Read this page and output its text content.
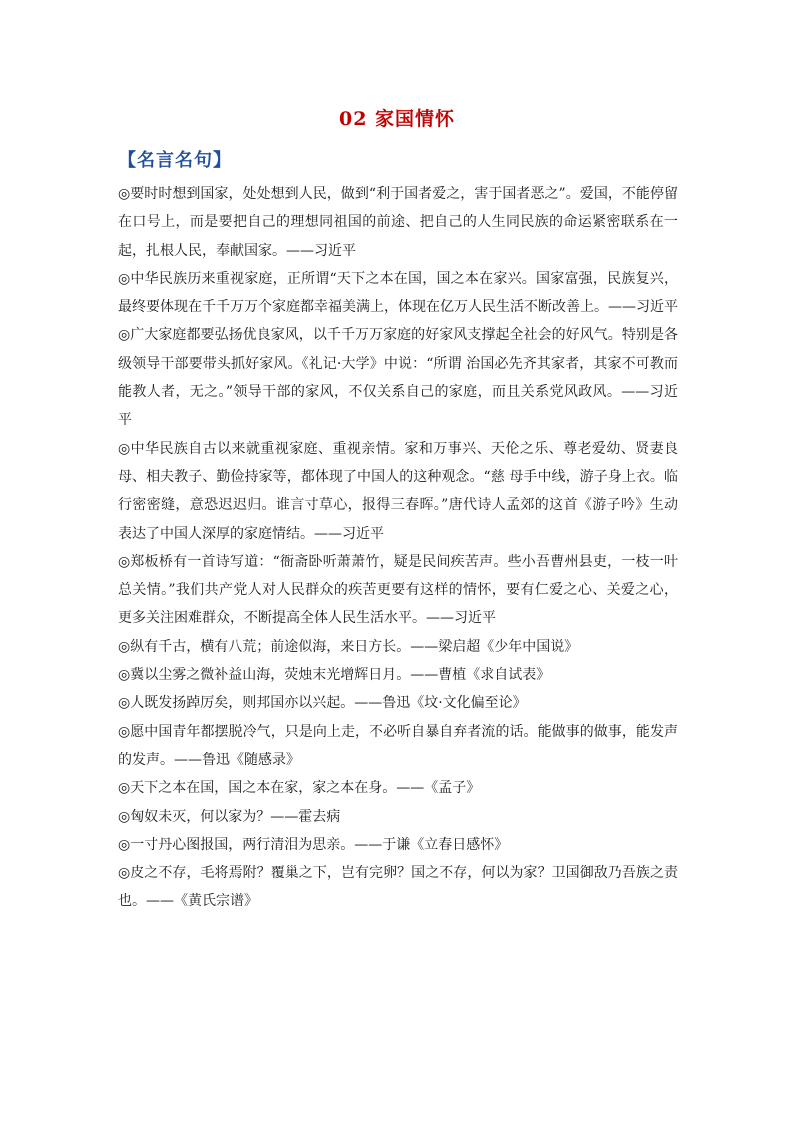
02 家国情怀
【名言名句】

◎要时时想到国家，处处想到人民，做到“利于国者爱之，害于国者恶之”。爱国，不能停留在口号上，而是要把自己的理想同祖国的前途、把自己的人生同民族的命运紧密联系在一起，扎根人民，奉献国家。——习近平

◎中华民族历来重视家庭，正所谓“天下之本在国，国之本在家兴。国家富强，民族复兴，最终要体现在千千万万个家庭都幸福美满上，体现在亿万人民生活不断改善上。——习近平

◎广大家庭都要弘扬优良家风，以千千万万家庭的好家风支撑起全社会的好风气。特别是各级领导干部要带头抓好家风。《礼记·大学》中说：“所谓 治国必先齐其家者，其家不可教而能教人者，无之。”领导干部的家风，不仅关系自己的家庭，而且关系党风政风。——习近平

◎中华民族自古以来就重视家庭、重视亲情。家和万事兴、天伦之乐、尊老爱幼、贤妻良母、相夫教子、勤俭持家等，都体现了中国人的这种观念。“慈 母手中线，游子身上衣。临行密密缝，意恐迟迟归。谁言寸草心，报得三春晖。”唐代诗人孟郊的这首《游子吟》生动表达了中国人深厚的家庭情结。——习近平

◎郑板桥有一首诗写道：“衙斋卧听萧萧竹，疑是民间疾苦声。些小吾曹州县吏，一枝一叶总关情。”我们共产党人对人民群众的疾苦更要有这样的情怀，要有仁爱之心、关爱之心，更多关注困难群众，不断提高全体人民生活水平。——习近平

◎纵有千古，横有八荒；前途似海，来日方长。——梁启超《少年中国说》

◎冀以尘雾之微补益山海，荧烛末光增辉日月。——曹植《求自试表》

◎人既发扬踔厉矣，则邦国亦以兴起。——鲁迅《坟·文化偏至论》

◎愿中国青年都摆脱冷气，只是向上走，不必听自暴自弃者流的话。能做事的做事，能发声的发声。——鲁迅《随感录》

◎天下之本在国，国之本在家，家之本在身。——《孟子》

◎匈奴未灭，何以家为？——霍去病

◎一寸丹心图报国，两行清泪为思亲。——于谦《立春日感怀》

◎皮之不存，毛将焉附？覆巢之下，岂有完卵？国之不存，何以为家？卫国御敌乃吾族之责也。——《黄氏宗谱》
